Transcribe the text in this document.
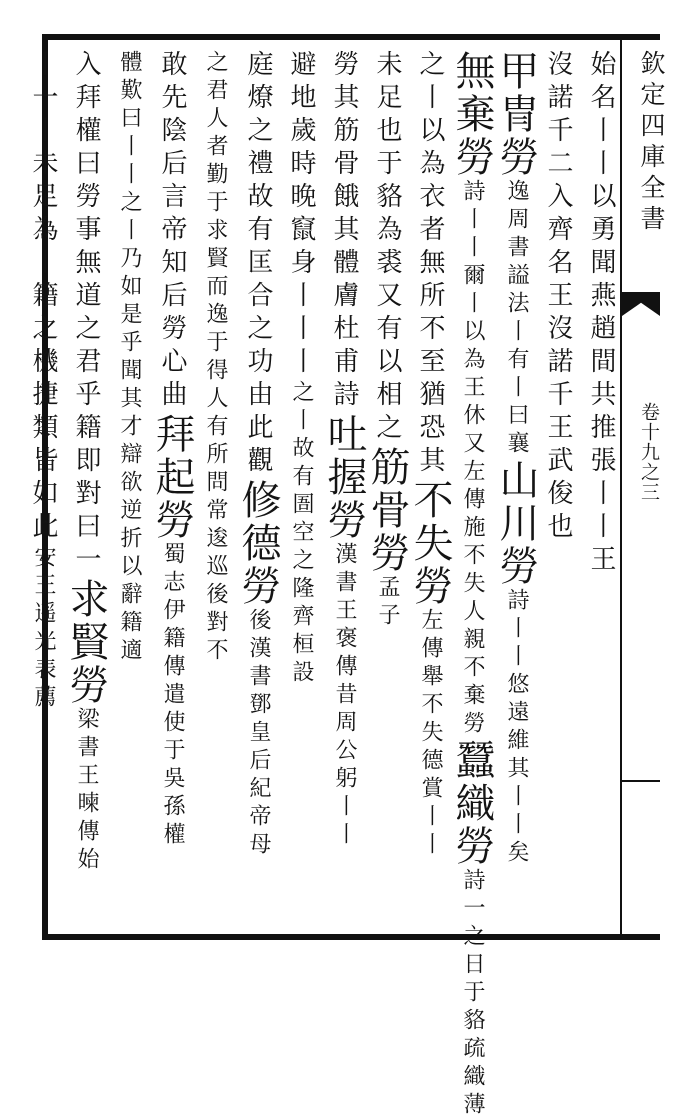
欽定四庫全書
卷十九之三
始名丨丨以勇聞燕趙間共推張丨丨王
沒諾千二入齊名王沒諾千王武俊也
甲冑勞逸周書謚法丨有丨曰襄山川勞詩丨丨悠遠維其丨丨矣
無棄勞詩丨丨爾丨以為王休又左傳施不失人親不棄勞蠶織勞詩一之日于貉疏織薄
之丨以為衣者無所不至猶恐其不失勞左傳舉不失德賞丨丨
未足也于貉為裘又有以相之筋骨勞孟子
勞其筋骨餓其體膚杜甫詩吐握勞漢書王褒傳昔周公躬丨丨
避地歲時晚竄身丨丨丨之丨故有圄空之隆齊桓設
庭燎之禮故有匡合之功由此觀修德勞後漢書鄧皇后紀帝母
之君人者勤于求賢而逸于得人有所問常逡巡後對不
敢先陰后言帝知后勞心曲拜起勞蜀志伊籍傳遣使于吳孫權
體歎曰丨丨之丨乃如是乎聞其才辯欲逆折以辭籍適
入拜權曰勞事無道之君乎籍即對曰一求賢勞梁書王暕傳始
丨一丨未足為丨籍之機捷類皆如此安王遥光表薦
